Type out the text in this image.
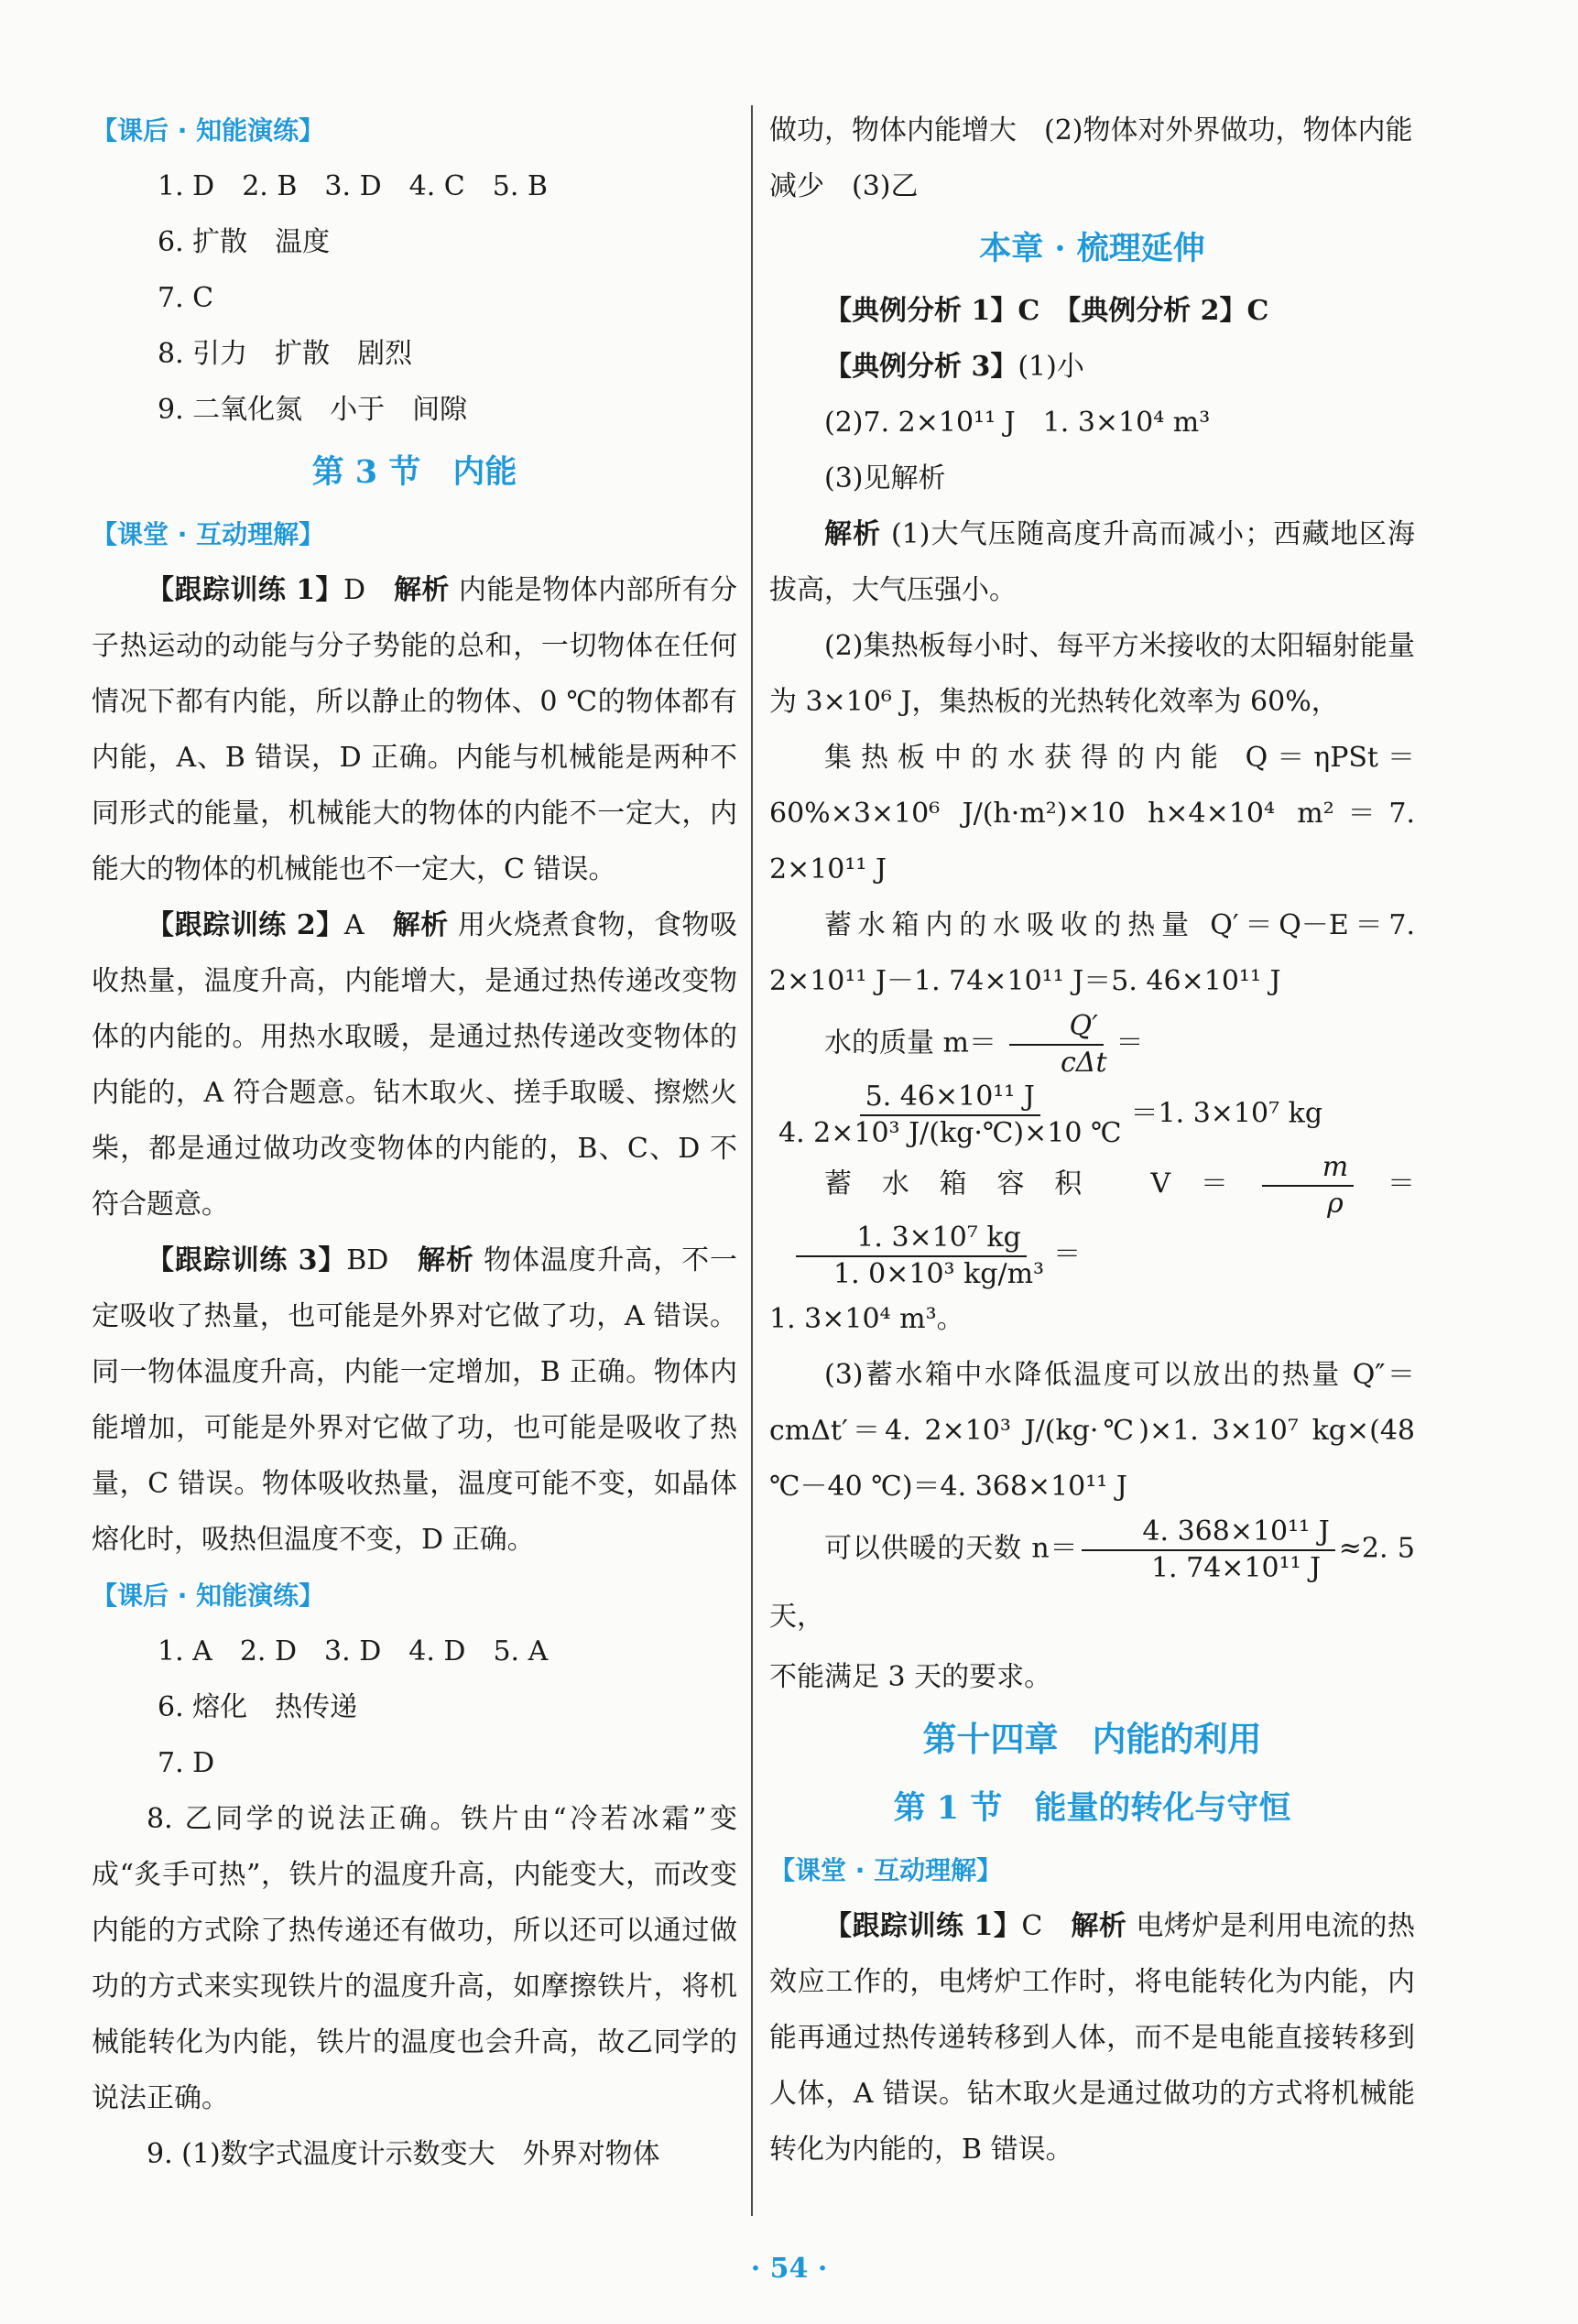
【课后 · 知能演练】

1. D　2. B　3. D　4. C　5. B

6. 扩散　温度

7. C

8. 引力　扩散　剧烈

9. 二氧化氮　小于　间隙

第 3 节　内能
【课堂 · 互动理解】

【跟踪训练 1】D　解析 内能是物体内部所有分子热运动的动能与分子势能的总和，一切物体在任何情况下都有内能，所以静止的物体、0 ℃的物体都有内能，A、B 错误，D 正确。内能与机械能是两种不同形式的能量，机械能大的物体的内能不一定大，内能大的物体的机械能也不一定大，C 错误。

【跟踪训练 2】A　解析 用火烧煮食物，食物吸收热量，温度升高，内能增大，是通过热传递改变物体的内能的。用热水取暖，是通过热传递改变物体的内能的，A 符合题意。钻木取火、搓手取暖、擦燃火柴，都是通过做功改变物体的内能的，B、C、D 不符合题意。

【跟踪训练 3】BD　解析 物体温度升高，不一定吸收了热量，也可能是外界对它做了功，A 错误。同一物体温度升高，内能一定增加，B 正确。物体内能增加，可能是外界对它做了功，也可能是吸收了热量，C 错误。物体吸收热量，温度可能不变，如晶体熔化时，吸热但温度不变，D 正确。

【课后 · 知能演练】

1. A　2. D　3. D　4. D　5. A

6. 熔化　热传递

7. D

8. 乙同学的说法正确。铁片由“冷若冰霜”变成“炙手可热”，铁片的温度升高，内能变大，而改变内能的方式除了热传递还有做功，所以还可以通过做功的方式来实现铁片的温度升高，如摩擦铁片，将机械能转化为内能，铁片的温度也会升高，故乙同学的说法正确。

9. (1)数字式温度计示数变大　外界对物体

做功，物体内能增大　(2)物体对外界做功，物体内能减少　(3)乙

本章 · 梳理延伸

【典例分析 1】C　【典例分析 2】C

【典例分析 3】(1)小

(2)7. 2×10¹¹ J　1. 3×10⁴ m³

(3)见解析

解析 (1)大气压随高度升高而减小；西藏地区海拔高，大气压强小。

(2)集热板每小时、每平方米接收的太阳辐射能量为 3×10⁶ J，集热板的光热转化效率为 60%，

集热板中的水获得的内能 Q＝ηPSt＝60%×3×10⁶ J/(h·m²)×10 h×4×10⁴ m²＝7. 2×10¹¹ J

蓄水箱内的水吸收的热量 Q′＝Q－E＝7. 2×10¹¹ J－1. 74×10¹¹ J＝5. 46×10¹¹ J

水的质量 $m= \frac{Q'}{\text{cΔt}}$ ＝

$\frac{\text{5. 46×10¹¹ J}}{\text{4. 2×10³ J/(kg·℃)×10 ℃}} =1$. 3×10⁷ kg

蓄水箱容积 $V= \frac{m}{\rho}$ ＝
$\frac{\text{1. 3×10⁷ kg}}{\text{1. 0×10³ kg/m³}}$ ＝

1. 3×10⁴ m³。

(3)蓄水箱中水降低温度可以放出的热量 Q″＝cmΔt′＝4. 2×10³ J/(kg·℃)×1. 3×10⁷ kg×(48 ℃－40 ℃)＝4. 368×10¹¹ J

可以供暖的天数 $n= \frac{\text{4. 368×10¹¹ J}}{\text{1. 74×10¹¹ J}} \approx 2$. 5 天，

不能满足 3 天的要求。

第十四章　内能的利用
第 1 节　能量的转化与守恒
【课堂 · 互动理解】

【跟踪训练 1】C　解析 电烤炉是利用电流的热效应工作的，电烤炉工作时，将电能转化为内能，内能再通过热传递转移到人体，而不是电能直接转移到人体，A 错误。钻木取火是通过做功的方式将机械能转化为内能的，B 错误。

· 54 ·
